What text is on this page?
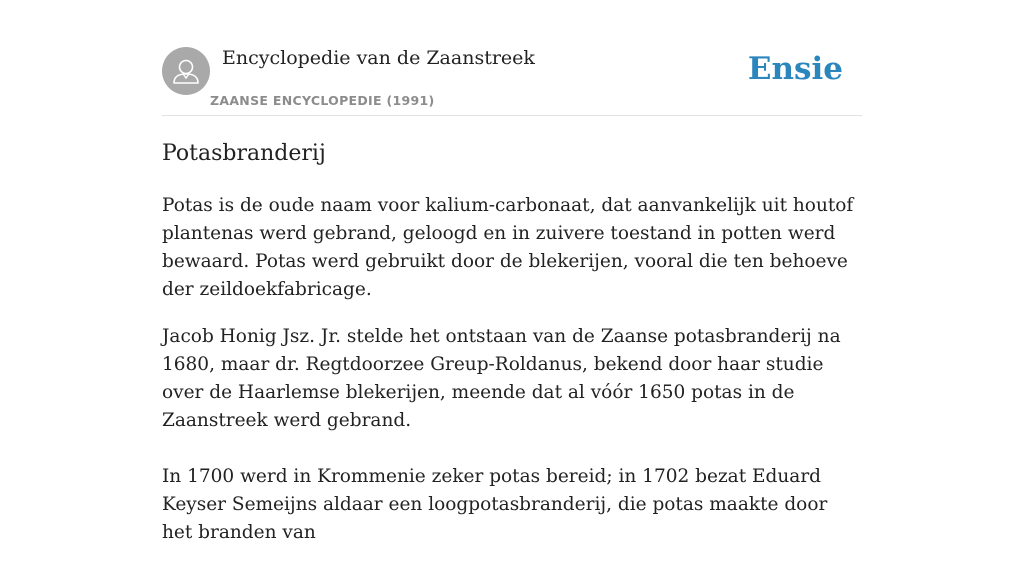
Encyclopedie van de Zaanstreek
ZAANSE ENCYCLOPEDIE (1991)
Ensie
Potasbranderij

Potas is de oude naam voor kalium-carbonaat, dat aanvankelijk uit houtof plantenas werd gebrand, geloogd en in zuivere toestand in potten werd bewaard. Potas werd gebruikt door de blekerijen, vooral die ten behoeve der zeildoekfabricage.

Jacob Honig Jsz. Jr. stelde het ontstaan van de Zaanse potasbranderij na 1680, maar dr. Regtdoorzee Greup-Roldanus, bekend door haar studie over de Haarlemse blekerijen, meende dat al vóór 1650 potas in de Zaanstreek werd gebrand.

In 1700 werd in Krommenie zeker potas bereid; in 1702 bezat Eduard Keyser Semeijns aldaar een loogpotasbranderij, die potas maakte door het branden van
